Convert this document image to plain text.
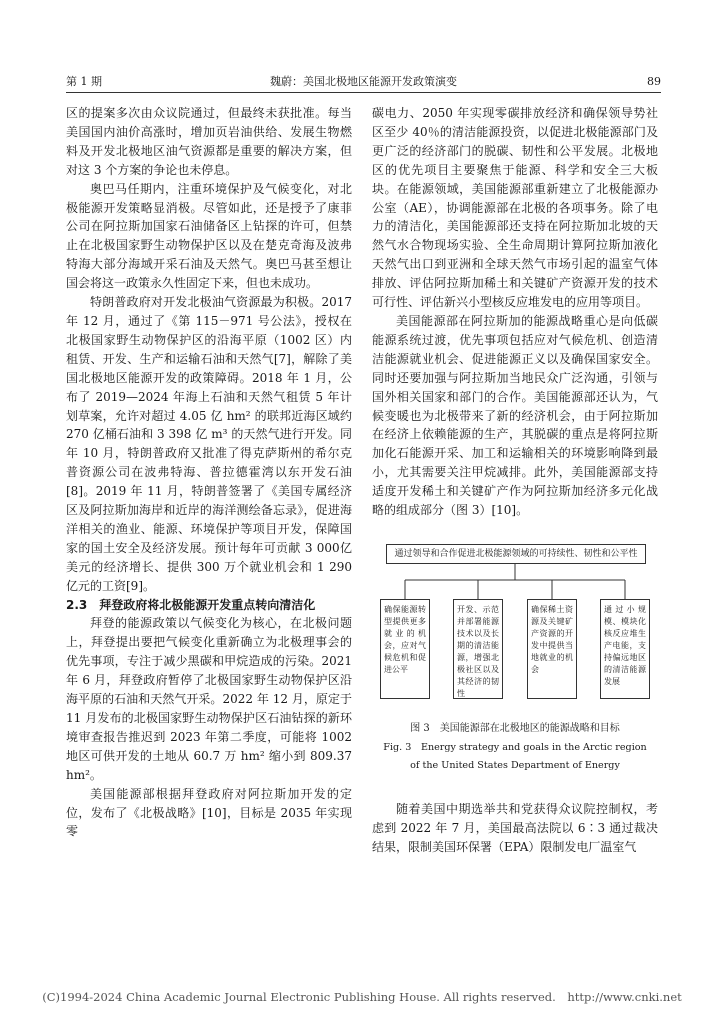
第 1 期	魏蔚：美国北极地区能源开发政策演变	89

区的提案多次由众议院通过，但最终未获批准。每当美国国内油价高涨时，增加页岩油供给、发展生物燃料及开发北极地区油气资源都是重要的解决方案，但对这 3 个方案的争论也未停息。

奥巴马任期内，注重环境保护及气候变化，对北极能源开发策略显消极。尽管如此，还是授予了康菲公司在阿拉斯加国家石油储备区上钻探的许可，但禁止在北极国家野生动物保护区以及在楚克奇海及波弗特海大部分海域开采石油及天然气。奥巴马甚至想让国会将这一政策永久性固定下来，但也未成功。

特朗普政府对开发北极油气资源最为积极。2017 年 12 月，通过了《第 115－971 号公法》，授权在北极国家野生动物保护区的沿海平原（1002 区）内租赁、开发、生产和运输石油和天然气[7]，解除了美国北极地区能源开发的政策障碍。2018 年 1 月，公布了 2019—2024 年海上石油和天然气租赁 5 年计划草案，允许对超过 4.05 亿 hm² 的联邦近海区域约 270 亿桶石油和 3 398 亿 m³ 的天然气进行开发。同年 10 月，特朗普政府又批准了得克萨斯州的希尔克普资源公司在波弗特海、普拉德霍湾以东开发石油[8]。2019 年 11 月，特朗普签署了《美国专属经济区及阿拉斯加海岸和近岸的海洋测绘备忘录》，促进海洋相关的渔业、能源、环境保护等项目开发，保障国家的国土安全及经济发展。预计每年可贡献 3 000亿美元的经济增长、提供 300 万个就业机会和 1 290 亿元的工资[9]。

2.3　拜登政府将北极能源开发重点转向清洁化

拜登的能源政策以气候变化为核心，在北极问题上，拜登提出要把气候变化重新确立为北极理事会的优先事项，专注于减少黑碳和甲烷造成的污染。2021 年 6 月，拜登政府暂停了北极国家野生动物保护区沿海平原的石油和天然气开采。2022 年 12 月，原定于 11 月发布的北极国家野生动物保护区石油钻探的新环境审查报告推迟到 2023 年第二季度，可能将 1002 地区可供开发的土地从 60.7 万 hm² 缩小到 809.37 hm²。

美国能源部根据拜登政府对阿拉斯加开发的定位，发布了《北极战略》[10]，目标是 2035 年实现零

碳电力、2050 年实现零碳排放经济和确保领导势社区至少 40％的清洁能源投资，以促进北极能源部门及更广泛的经济部门的脱碳、韧性和公平发展。北极地区的优先项目主要聚焦于能源、科学和安全三大板块。在能源领域，美国能源部重新建立了北极能源办公室（AE），协调能源部在北极的各项事务。除了电力的清洁化，美国能源部还支持在阿拉斯加北坡的天然气水合物现场实验、全生命周期计算阿拉斯加液化天然气出口到亚洲和全球天然气市场引起的温室气体排放、评估阿拉斯加稀土和关键矿产资源开发的技术可行性、评估新兴小型核反应堆发电的应用等项目。

美国能源部在阿拉斯加的能源战略重心是向低碳能源系统过渡，优先事项包括应对气候危机、创造清洁能源就业机会、促进能源正义以及确保国家安全。同时还要加强与阿拉斯加当地民众广泛沟通，引领与国外相关国家和部门的合作。美国能源部还认为，气候变暖也为北极带来了新的经济机会，由于阿拉斯加在经济上依赖能源的生产，其脱碳的重点是将阿拉斯加化石能源开采、加工和运输相关的环境影响降到最小，尤其需要关注甲烷减排。此外，美国能源部支持适度开发稀土和关键矿产作为阿拉斯加经济多元化战略的组成部分（图 3）[10]。

通过领导和合作促进北极能源领域的可持续性、韧性和公平性
确保能源转型提供更多就业的机会，应对气候危机和促进公平
开发、示范并部署能源技术以及长期的清洁能源，增强北极社区以及其经济的韧性
确保稀土资源及关键矿产资源的开发中提供当地就业的机会
通过小规模、模块化核反应堆生产电能，支持偏远地区的清洁能源发展
图 3　美国能源部在北极地区的能源战略和目标
Fig. 3　Energy strategy and goals in the Arctic region
of the United States Department of Energy

随着美国中期选举共和党获得众议院控制权，考虑到 2022 年 7 月，美国最高法院以 6∶3 通过裁决结果，限制美国环保署（EPA）限制发电厂温室气

(C)1994-2024 China Academic Journal Electronic Publishing House. All rights reserved.　http://www.cnki.net
